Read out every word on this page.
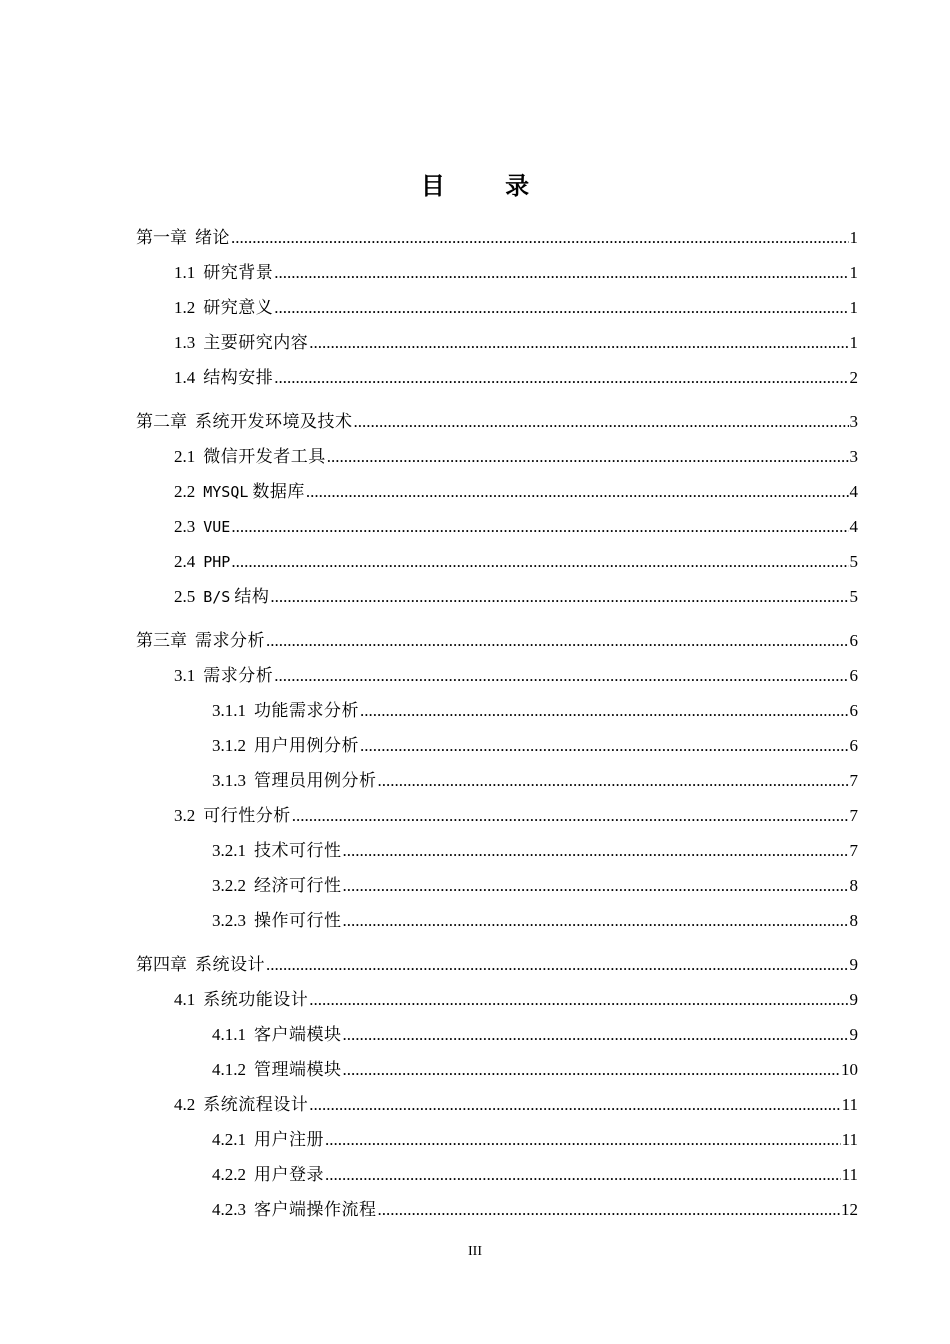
目 录
第一章 绪论 .....	1
1.1 研究背景 .....	1
1.2 研究意义 .....	1
1.3 主要研究内容 .....	1
1.4 结构安排 .....	2
第二章 系统开发环境及技术 .....	3
2.1 微信开发者工具 .....	3
2.2 MYSQL 数据库 .....	4
2.3 VUE .....	4
2.4 PHP .....	5
2.5 B/S 结构 .....	5
第三章 需求分析 .....	6
3.1 需求分析 .....	6
3.1.1 功能需求分析 .....	6
3.1.2 用户用例分析 .....	6
3.1.3 管理员用例分析 .....	7
3.2 可行性分析 .....	7
3.2.1 技术可行性 .....	7
3.2.2 经济可行性 .....	8
3.2.3 操作可行性 .....	8
第四章 系统设计 .....	9
4.1 系统功能设计 .....	9
4.1.1 客户端模块 .....	9
4.1.2 管理端模块 .....	10
4.2 系统流程设计 .....	11
4.2.1 用户注册 .....	11
4.2.2 用户登录 .....	11
4.2.3 客户端操作流程 .....	12
III
